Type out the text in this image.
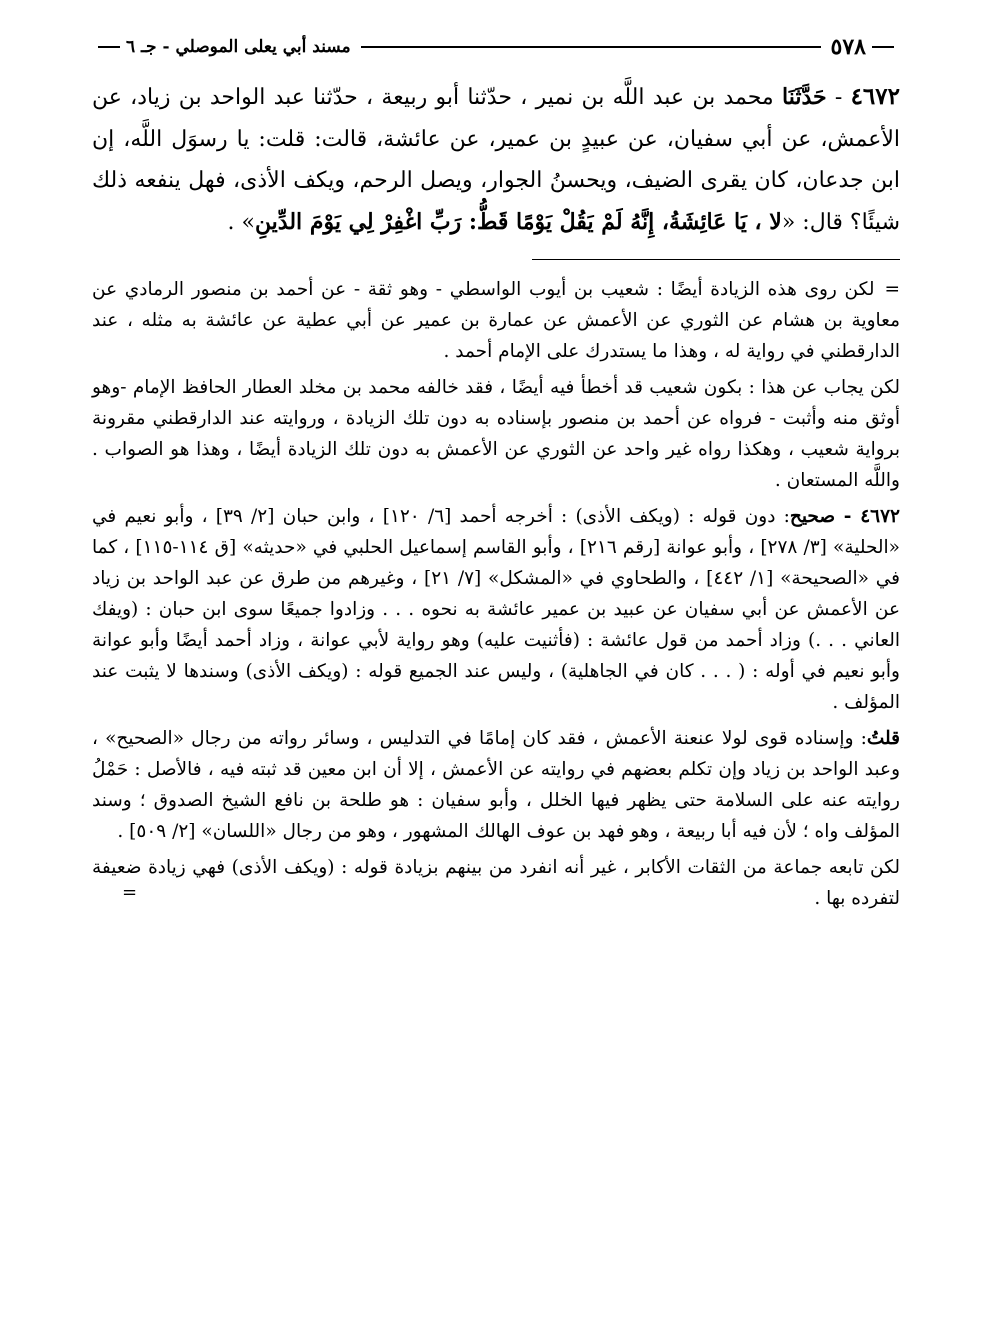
٥٧٨
مسند أبي يعلى الموصلي - جـ ٦
٤٦٧٢ - حَدَّثَنَا محمد بن عبد اللَّه بن نمير ، حدّثنا أبو ربيعة ، حدّثنا عبد الواحد بن زياد، عن الأعمش، عن أبي سفيان، عن عبيدٍ بن عمير، عن عائشة، قالت: قلت: يا رسوَل اللَّه، إن ابن جدعان، كان يقرى الضيف، ويحسنُ الجوار، ويصل الرحم، ويكف الأذى، فهل ينفعه ذلك شيئًا؟ قال: «لا ، يَا عَائِشَةُ، إِنَّهُ لَمْ يَقُلْ يَوْمًا قَطُّ: رَبِّ اغْفِرْ لِي يَوْمَ الدِّينِ» .

=لكن روى هذه الزيادة أيضًا : شعيب بن أيوب الواسطي - وهو ثقة - عن أحمد بن منصور الرمادي عن معاوية بن هشام عن الثوري عن الأعمش عن عمارة بن عمير عن أبي عطية عن عائشة به مثله ، عند الدارقطني في رواية له ، وهذا ما يستدرك على الإمام أحمد .

لكن يجاب عن هذا : بكون شعيب قد أخطأ فيه أيضًا ، فقد خالفه محمد بن مخلد العطار الحافظ الإمام -وهو أوثق منه وأثبت - فرواه عن أحمد بن منصور بإسناده به دون تلك الزيادة ، وروايته عند الدارقطني مقرونة برواية شعيب ، وهكذا رواه غير واحد عن الثوري عن الأعمش به دون تلك الزيادة أيضًا ، وهذا هو الصواب . واللَّه المستعان .

٤٦٧٢ - صحيح: دون قوله : (ويكف الأذى) : أخرجه أحمد [٦/ ١٢٠] ، وابن حبان [٢/ ٣٩] ، وأبو نعيم في «الحلية» [٣/ ٢٧٨] ، وأبو عوانة [رقم ٢١٦] ، وأبو القاسم إسماعيل الحلبي في «حديثه» [ق ١١٤-١١٥] ، كما في «الصحيحة» [١/ ٤٤٢] ، والطحاوي في «المشكل» [٧/ ٢١] ، وغيرهم من طرق عن عبد الواحد بن زياد عن الأعمش عن أبي سفيان عن عبيد بن عمير عائشة به نحوه . . . وزادوا جميعًا سوى ابن حبان : (ويفك العاني . . .) وزاد أحمد من قول عائشة : (فأثنيت عليه) وهو رواية لأبي عوانة ، وزاد أحمد أيضًا وأبو عوانة وأبو نعيم في أوله : ( . . . كان في الجاهلية) ، وليس عند الجميع قوله : (ويكف الأذى) وسندها لا يثبت عند المؤلف .

قلتُ: وإسناده قوى لولا عنعنة الأعمش ، فقد كان إمامًا في التدليس ، وسائر رواته من رجال «الصحيح» ، وعبد الواحد بن زياد وإن تكلم بعضهم في روايته عن الأعمش ، إلا أن ابن معين قد ثبته فيه ، فالأصل : حَمْلُ روايته عنه على السلامة حتى يظهر فيها الخلل ، وأبو سفيان : هو طلحة بن نافع الشيخ الصدوق ؛ وسند المؤلف واه ؛ لأن فيه أبا ربيعة ، وهو فهد بن عوف الهالك المشهور ، وهو من رجال «اللسان» [٢/ ٥٠٩] .

لكن تابعه جماعة من الثقات الأكابر ، غير أنه انفرد من بينهم بزيادة قوله : (ويكف الأذى) فهي زيادة ضعيفة لتفرده بها .
=
